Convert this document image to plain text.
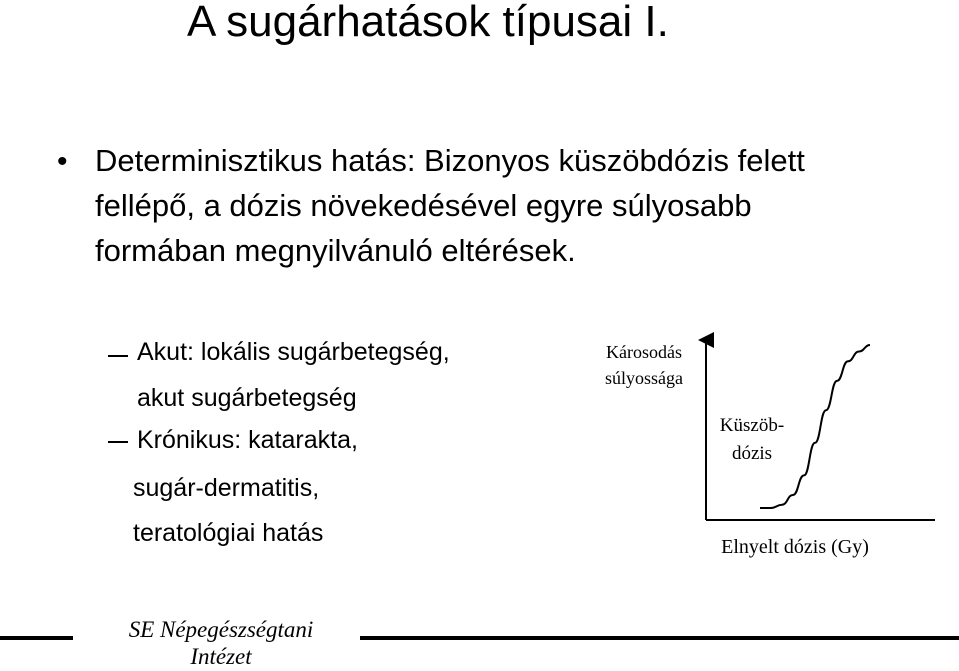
A sugárhatások típusai I.
• Determinisztikus hatás: Bizonyos küszöbdózis felett fellépő, a dózis növekedésével egyre súlyosabb formában megnyilvánuló eltérések.
Akut: lokális sugárbetegség,
akut sugárbetegség
Krónikus: katarakta,
sugár-dermatitis,
teratológiai hatás
Károsodás
súlyossága
Küszöb-
dózis
Elnyelt dózis (Gy)
SE Népegészségtani
Intézet
